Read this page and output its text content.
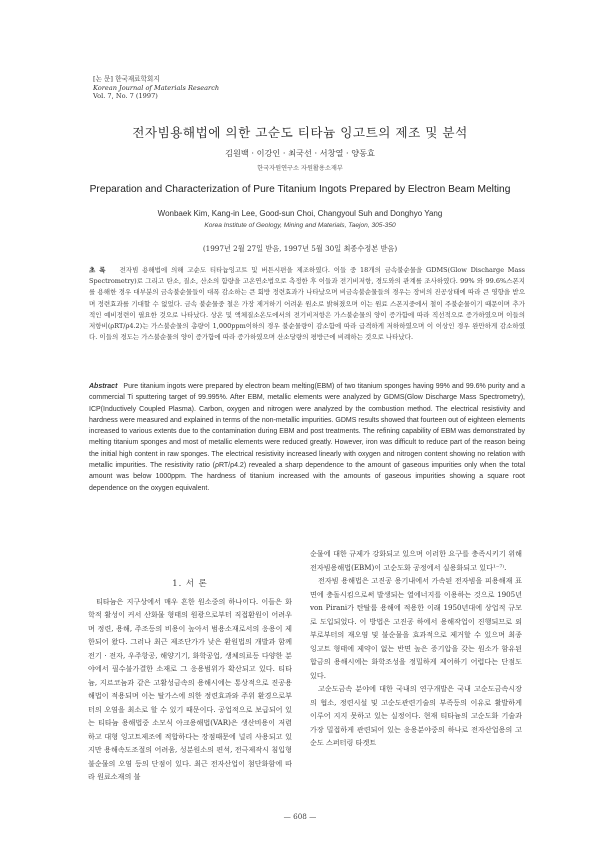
[논 문] 한국재료학회지
Korean Journal of Materials Research
Vol. 7, No. 7 (1997)
전자빔용해법에 의한 고순도 티타늄 잉고트의 제조 및 분석
김원백 · 이강인 · 최국선 · 서창열 · 양동효
한국자원연구소 자원활용소재부
Preparation and Characterization of Pure Titanium Ingots Prepared by Electron Beam Melting
Wonbaek Kim, Kang-in Lee, Good-sun Choi, Changyoul Suh and Donghyo Yang
Korea Institute of Geology, Mining and Materials, Taejon, 305-350
(1997년 2월 27일 받음, 1997년 5월 30일 최종수정본 받음)
초 록 전자빔 용해법에 의해 고순도 티타늄잉고트 및 버튼시편을 제조하였다. 이들 중 18개의 금속불순물을 GDMS(Glow Discharge Mass Spectrometry)로 그리고 탄소, 질소, 산소의 함량을 고온연소법으로 측정한 후 이들과 전기비저항, 경도와의 관계를 조사하였다. 99% 와 99.6%스폰지를 용해한 경우 대부분의 금속불순물들이 대폭 감소하는 큰 회방 정련효과가 나타났으며 비금속불순물들의 경우는 장비의 진공상태에 따라 큰 영향을 받으며 정련효과를 기대할 수 없었다. 금속 불순물중 철은 가장 제거하기 어려운 원소로 밝혀졌으며 이는 원료 스폰지중에서 철이 주불순물이기 때문이며 추가적인 예비정련이 필요한 것으로 나타났다. 상온 및 액체질소온도에서의 전기비저항은 가스불순물의 양이 증가함에 따라 직선적으로 증가하였으며 이들의 저항비(ρRT/ρ4.2)는 가스불순물의 총량이 1,000ppm이하의 경우 불순물량이 감소함에 따라 급격하게 저하하였으며 이 이상인 경우 완만하게 감소하였다. 이들의 경도는 가스불순물의 양이 증가함에 따라 증가하였으며 산소당량의 평방근에 비례하는 것으로 나타났다.
Abstract Pure titanium ingots were prepared by electron beam melting(EBM) of two titanium sponges having 99% and 99.6% purity and a commercial Ti sputtering target of 99.995%. After EBM, metallic elements were analyzed by GDMS(Glow Discharge Mass Spectrometry), ICP(Inductively Coupled Plasma). Carbon, oxygen and nitrogen were analyzed by the combustion method. The electrical resistivity and hardness were measured and explained in terms of the non-metallic impurities. GDMS results showed that fourteen out of eighteen elements increased to various extents due to the contamination during EBM and post treatments. The refining capability of EBM was demonstrated by melting titanium sponges and most of metallic elements were reduced greatly. However, iron was difficult to reduce part of the reason being the initial high content in raw sponges. The electrical resistivity increased linearly with oxygen and nitrogen content showing no relation with metallic impurities. The resistivity ratio (ρRT/ρ4.2) revealed a sharp dependence to the amount of gaseous impurities only when the total amount was below 1000ppm. The hardness of titanium increased with the amounts of gaseous impurities showing a square root dependence on the oxygen equivalent.
1. 서 론

티타늄은 지구상에서 매우 흔한 원소중의 하나이다. 이들은 화학적 활성이 커서 산화물 형태의 원광으로부터 직접환원이 어려우며 정련, 용해, 주조등의 비용이 높아서 범용소재로서의 응용이 제한되어 왔다. 그러나 최근 제조단가가 낮은 환원법의 개발과 함께 전기 · 전자, 우주항공, 해양기기, 화학공업, 생체의료등 다양한 분야에서 필수불가결한 소재로 그 응용범위가 확산되고 있다. 티타늄, 지르코늄과 같은 고활성금속의 용해시에는 통상적으로 진공용해법이 적용되며 이는 탈가스에 의한 정련효과와 주위 환경으로부터의 오염을 최소로 할 수 있기 때문이다. 공업적으로 보급되어 있는 티타늄 용해법중 소모식 아크용해법(VAR)은 생산비용이 저렴하고 대형 잉고트제조에 적합하다는 장점때문에 널리 사용되고 있지만 용해속도조절의 어려움, 성분원소의 편석, 전극제작시 침입형 불순물의 오염 등의 단점이 있다. 최근 전자산업이 첨단화함에 따라 원료소재의 불

순물에 대한 규제가 강화되고 있으며 이러한 요구를 충족시키기 위해 전자빔용해법(EBM)이 고순도화 공정에서 실용화되고 있다¹⁻⁷⁾.

전자빔 용해법은 고진공 용기내에서 가속된 전자빔을 피용해재 표면에 충돌시킴으로써 발생되는 열에너지를 이용하는 것으로 1905년 von Pirani가 탄탈륨 용해에 적용한 이래 1950년대에 상업적 규모로 도입되었다. 이 방법은 고진공 하에서 용해작업이 진행되므로 외부로부터의 재오염 및 불순물을 효과적으로 제거할 수 있으며 최종 잉고트 형태에 제약이 없는 반면 높은 증기압을 갖는 원소가 함유된 합금의 용해시에는 화학조성을 정밀하게 제어하기 어렵다는 단점도 있다.

고순도금속 분야에 대한 국내의 연구개발은 국내 고순도금속시장의 협소, 정련시설 및 고순도관련기술의 부족등의 이유로 활발하게 이루어 지지 못하고 있는 실정이다. 현재 티타늄의 고순도화 기술과 가장 밀접하게 관련되어 있는 응용분야중의 하나로 전자산업용의 고순도 스퍼터링 타겟트

— 608 —
